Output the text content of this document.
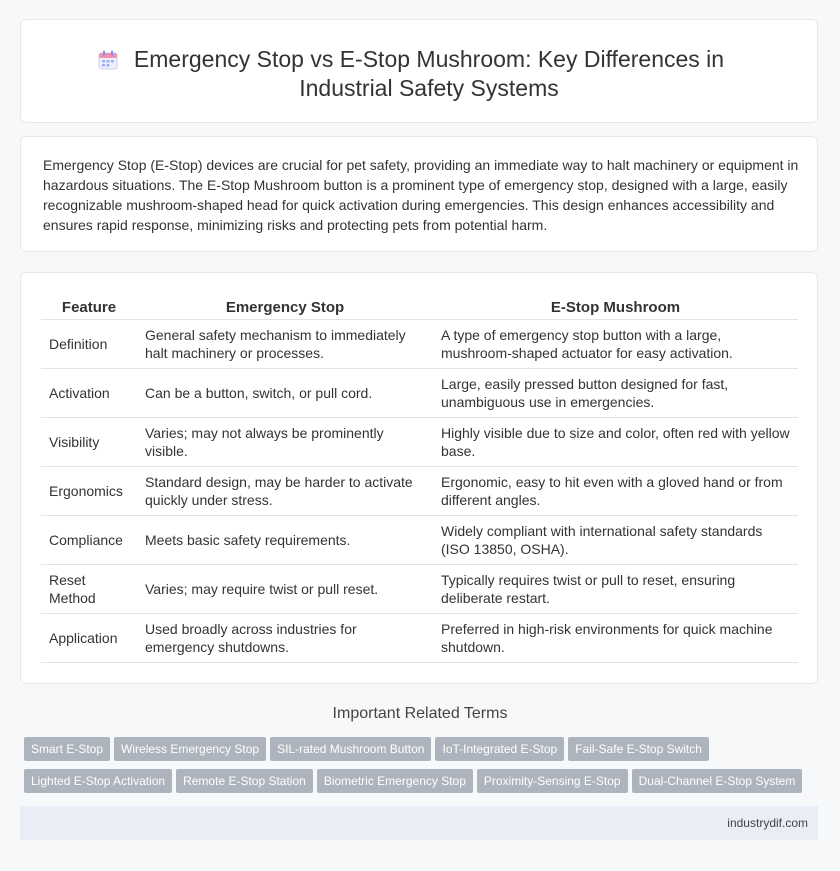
Emergency Stop vs E-Stop Mushroom: Key Differences in Industrial Safety Systems
Emergency Stop (E-Stop) devices are crucial for pet safety, providing an immediate way to halt machinery or equipment in hazardous situations. The E-Stop Mushroom button is a prominent type of emergency stop, designed with a large, easily recognizable mushroom-shaped head for quick activation during emergencies. This design enhances accessibility and ensures rapid response, minimizing risks and protecting pets from potential harm.
Feature	Emergency Stop	E-Stop Mushroom
Definition	General safety mechanism to immediately halt machinery or processes.	A type of emergency stop button with a large, mushroom-shaped actuator for easy activation.
Activation	Can be a button, switch, or pull cord.	Large, easily pressed button designed for fast, unambiguous use in emergencies.
Visibility	Varies; may not always be prominently visible.	Highly visible due to size and color, often red with yellow base.
Ergonomics	Standard design, may be harder to activate quickly under stress.	Ergonomic, easy to hit even with a gloved hand or from different angles.
Compliance	Meets basic safety requirements.	Widely compliant with international safety standards (ISO 13850, OSHA).
Reset Method	Varies; may require twist or pull reset.	Typically requires twist or pull to reset, ensuring deliberate restart.
Application	Used broadly across industries for emergency shutdowns.	Preferred in high-risk environments for quick machine shutdown.
Important Related Terms
Smart E-Stop Wireless Emergency Stop SIL-rated Mushroom Button IoT-Integrated E-Stop Fail-Safe E-Stop Switch
Lighted E-Stop Activation Remote E-Stop Station Biometric Emergency Stop Proximity-Sensing E-Stop Dual-Channel E-Stop System
industrydif.com
